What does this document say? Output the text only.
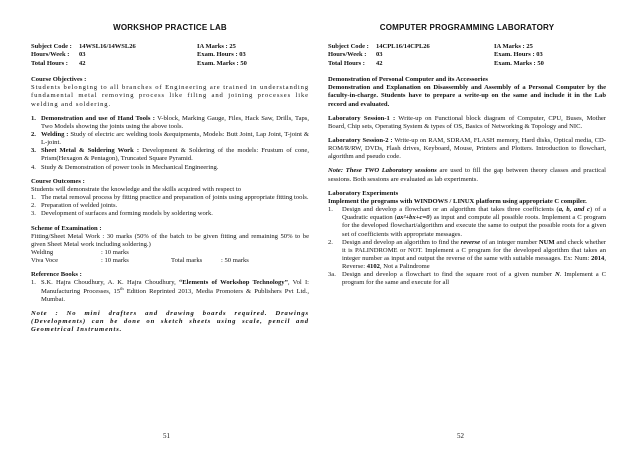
WORKSHOP PRACTICE LAB
Subject Code :	14WSL16/14WSL26	IA Marks : 25
Hours/Week :	03	Exam. Hours : 03
Total Hours :	42	Exam. Marks : 50
Course Objectives :

Students belonging to all branches of Engineering are trained in understanding fundamental metal removing process like filing and joining processes like welding and soldering.

1. Demonstration and use of Hand Tools : V-block, Marking Gauge, Files, Hack Saw, Drills, Taps, Two Models showing the joints using the above tools.
2. Welding : Study of electric arc welding tools &equipments, Models: Butt Joint, Lap Joint, T-joint & L-joint.
3. Sheet Metal & Soldering Work : Development & Soldering of the models: Frustum of cone, Prism(Hexagon & Pentagon), Truncated Square Pyramid.
4. Study & Demonstration of power tools in Mechanical Engineering.
Course Outcomes :
Students will demonstrate the knowledge and the skills acquired with respect to
1. The metal removal process by fitting practice and preparation of joints using appropriate fitting tools.
2. Preparation of welded joints.
3. Development of surfaces and forming models by soldering work.
Scheme of Examination :

Fitting/Sheet Metal Work : 30 marks (50% of the batch to be given fitting and remaining 50% to be given Sheet Metal work including soldering.)

Welding	: 10 marks
Viva Voce	: 10 marks	Total marks	: 50 marks
Reference Books :
1. S.K. Hajra Choudhury, A. K. Hajra Choudhury, “Elements of Workshop Technology”, Vol I: Manufacturing Processes, 15th Edition Reprinted 2013, Media Promoters & Publishers Pvt Ltd., Mumbai.

Note : No mini drafters and drawing boards required. Drawings (Developments) can be done on sketch sheets using scale, pencil and Geometrical Instruments.

COMPUTER PROGRAMMING LABORATORY
Subject Code :	14CPL16/14CPL26	IA Marks : 25
Hours/Week :	03	Exam. Hours : 03
Total Hours :	42	Exam. Marks : 50
Demonstration of Personal Computer and its Accessories

Demonstration and Explanation on Disassembly and Assembly of a Personal Computer by the faculty-in-charge. Students have to prepare a write-up on the same and include it in the Lab record and evaluated.

Laboratory Session-1 : Write-up on Functional block diagram of Computer, CPU, Buses, Mother Board, Chip sets, Operating System & types of OS, Basics of Networking & Topology and NIC.

Laboratory Session-2 : Write-up on RAM, SDRAM, FLASH memory, Hard disks, Optical media, CD-ROM/R/RW, DVDs, Flash drives, Keyboard, Mouse, Printers and Plotters. Introduction to flowchart, algorithm and pseudo code.

Note: These TWO Laboratory sessions are used to fill the gap between theory classes and practical sessions. Both sessions are evaluated as lab experiments.

Laboratory Experiments
Implement the programs with WINDOWS / LINUX platform using appropriate C compiler.
1.	Design and develop a flowchart or an algorithm that takes three coefficients (a, b, and c) of a Quadratic equation (ax²+bx+c=0) as input and compute all possible roots. Implement a C program for the developed flowchart/algorithm and execute the same to output the possible roots for a given set of coefficients with appropriate messages.
2.	Design and develop an algorithm to find the reverse of an integer number NUM and check whether it is PALINDROME or NOT. Implement a C program for the developed algorithm that takes an integer number as input and output the reverse of the same with suitable messages. Ex: Num: 2014, Reverse: 4102, Not a Palindrome
3a. Design and develop a flowchart to find the square root of a given number N. Implement a C program for the same and execute for all
51	52
